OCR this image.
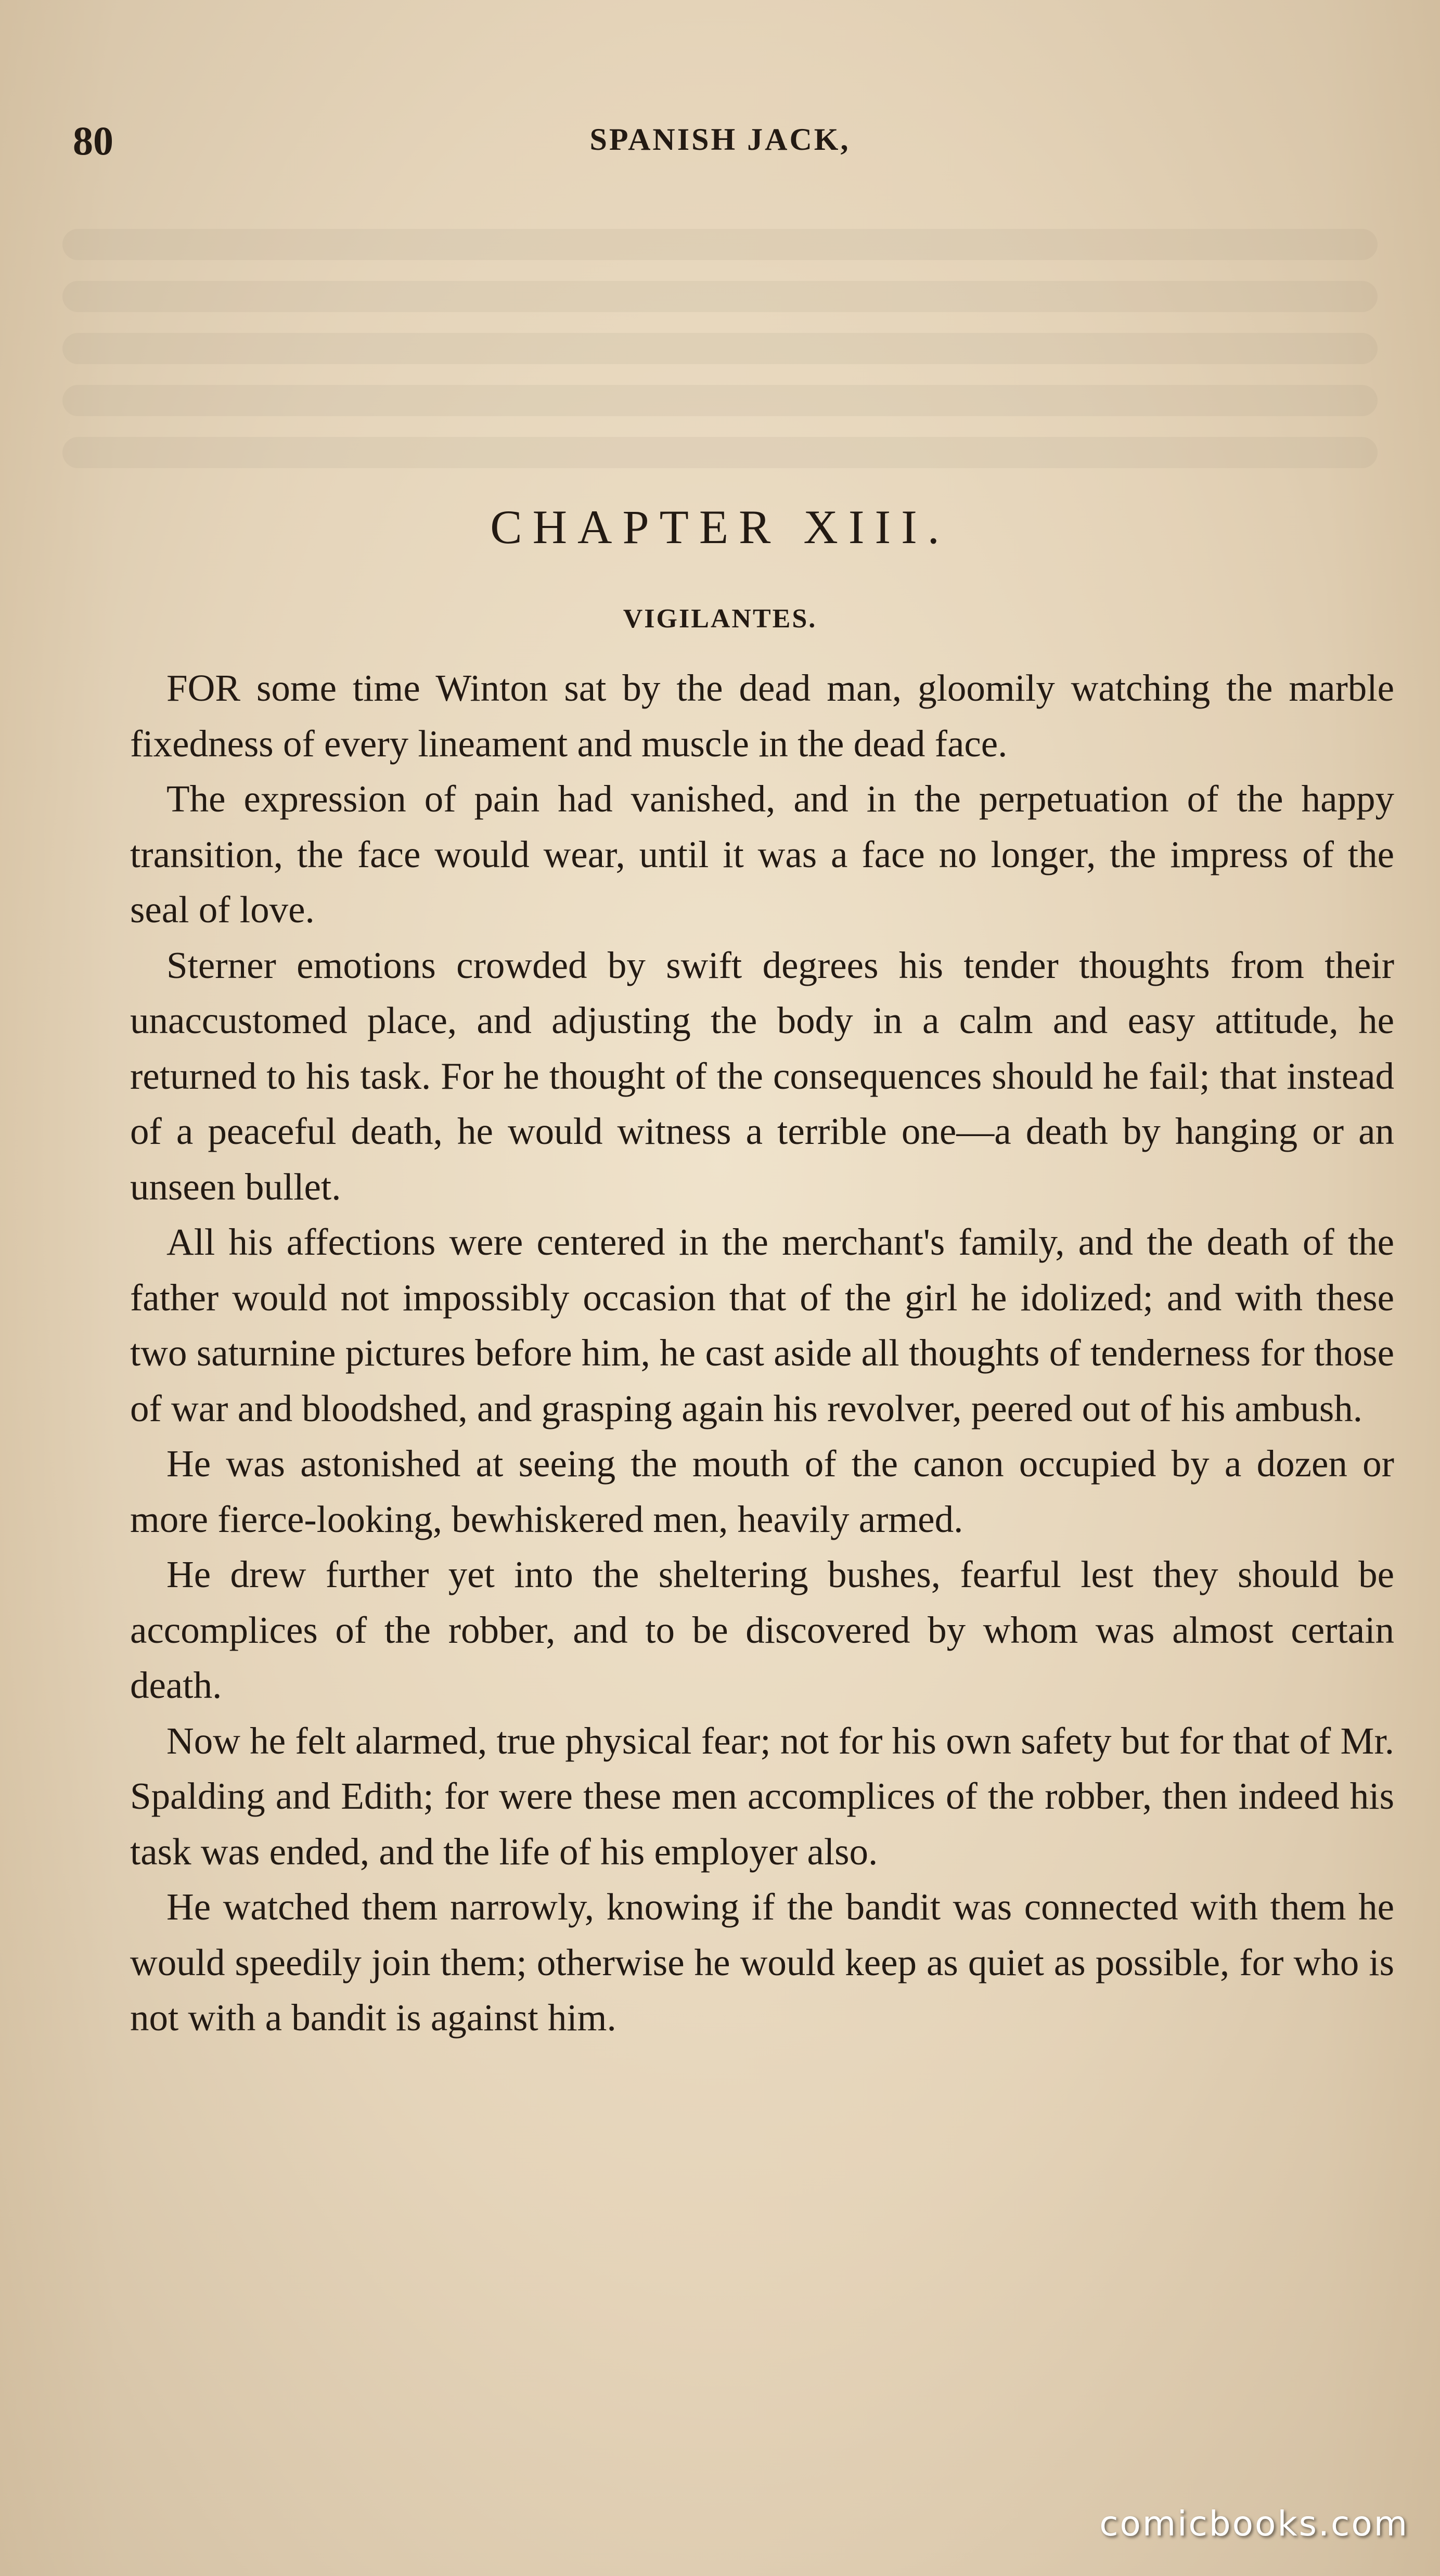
80	SPANISH JACK,
CHAPTER XIII.
VIGILANTES.

FOR some time Winton sat by the dead man, gloomily watching the marble fixedness of every lineament and muscle in the dead face.

The expression of pain had vanished, and in the perpetuation of the happy transition, the face would wear, until it was a face no longer, the impress of the seal of love.

Sterner emotions crowded by swift degrees his tender thoughts from their unaccustomed place, and adjusting the body in a calm and easy attitude, he returned to his task. For he thought of the consequences should he fail; that instead of a peaceful death, he would witness a terrible one—a death by hanging or an unseen bullet.

All his affections were centered in the merchant's family, and the death of the father would not impossibly occasion that of the girl he idolized; and with these two saturnine pictures before him, he cast aside all thoughts of tenderness for those of war and bloodshed, and grasping again his revolver, peered out of his ambush.

He was astonished at seeing the mouth of the canon occupied by a dozen or more fierce-looking, bewhiskered men, heavily armed.

He drew further yet into the sheltering bushes, fearful lest they should be accomplices of the robber, and to be discovered by whom was almost certain death.

Now he felt alarmed, true physical fear; not for his own safety but for that of Mr. Spalding and Edith; for were these men accomplices of the robber, then indeed his task was ended, and the life of his employer also.

He watched them narrowly, knowing if the bandit was connected with them he would speedily join them; otherwise he would keep as quiet as possible, for who is not with a bandit is against him.

comicbooks.com
